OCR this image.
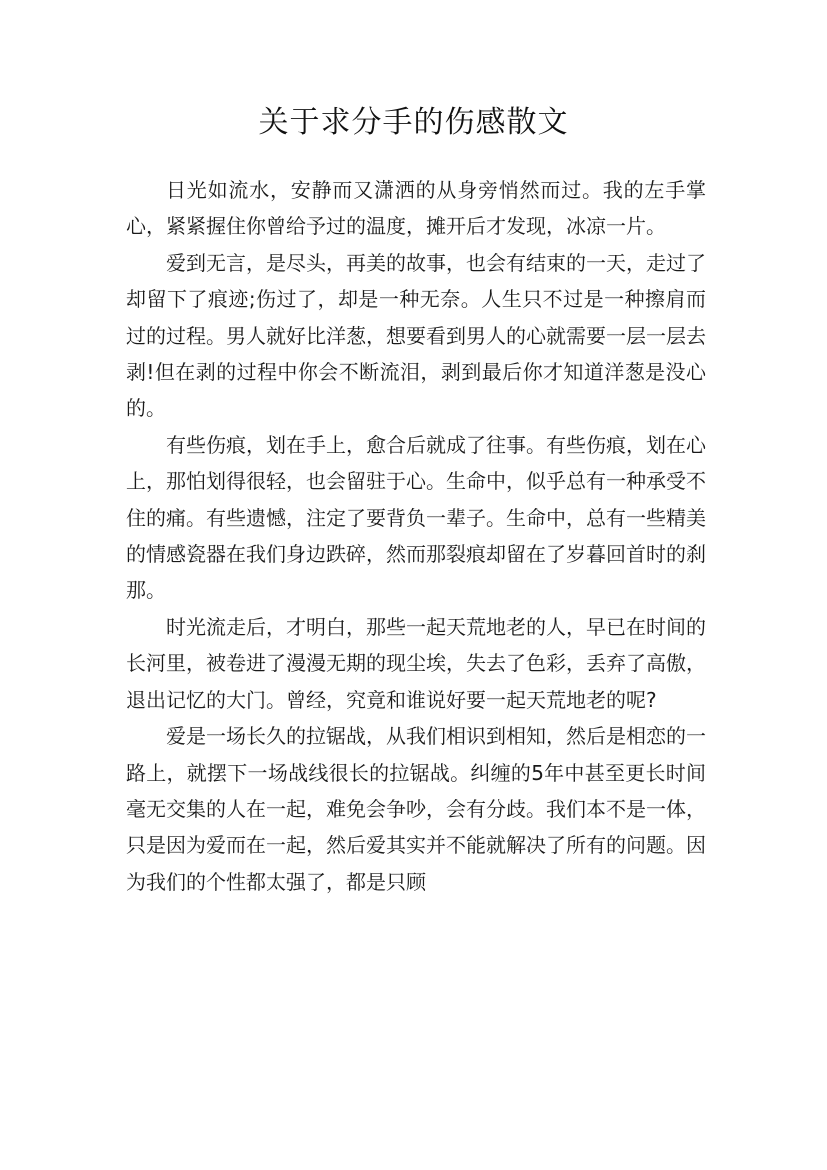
关于求分手的伤感散文

日光如流水，安静而又潇洒的从身旁悄然而过。我的左手掌心，紧紧握住你曾给予过的温度，摊开后才发现，冰凉一片。

爱到无言，是尽头，再美的故事，也会有结束的一天，走过了却留下了痕迹;伤过了，却是一种无奈。人生只不过是一种擦肩而过的过程。男人就好比洋葱，想要看到男人的心就需要一层一层去剥!但在剥的过程中你会不断流泪，剥到最后你才知道洋葱是没心的。

有些伤痕，划在手上，愈合后就成了往事。有些伤痕，划在心上，那怕划得很轻，也会留驻于心。生命中，似乎总有一种承受不住的痛。有些遗憾，注定了要背负一辈子。生命中，总有一些精美的情感瓷器在我们身边跌碎，然而那裂痕却留在了岁暮回首时的刹那。

时光流走后，才明白，那些一起天荒地老的人，早已在时间的长河里，被卷进了漫漫无期的现尘埃，失去了色彩，丢弃了高傲，退出记忆的大门。曾经，究竟和谁说好要一起天荒地老的呢?

爱是一场长久的拉锯战，从我们相识到相知，然后是相恋的一路上，就摆下一场战线很长的拉锯战。纠缠的5年中甚至更长时间毫无交集的人在一起，难免会争吵，会有分歧。我们本不是一体，只是因为爱而在一起，然后爱其实并不能就解决了所有的问题。因为我们的个性都太强了，都是只顾
